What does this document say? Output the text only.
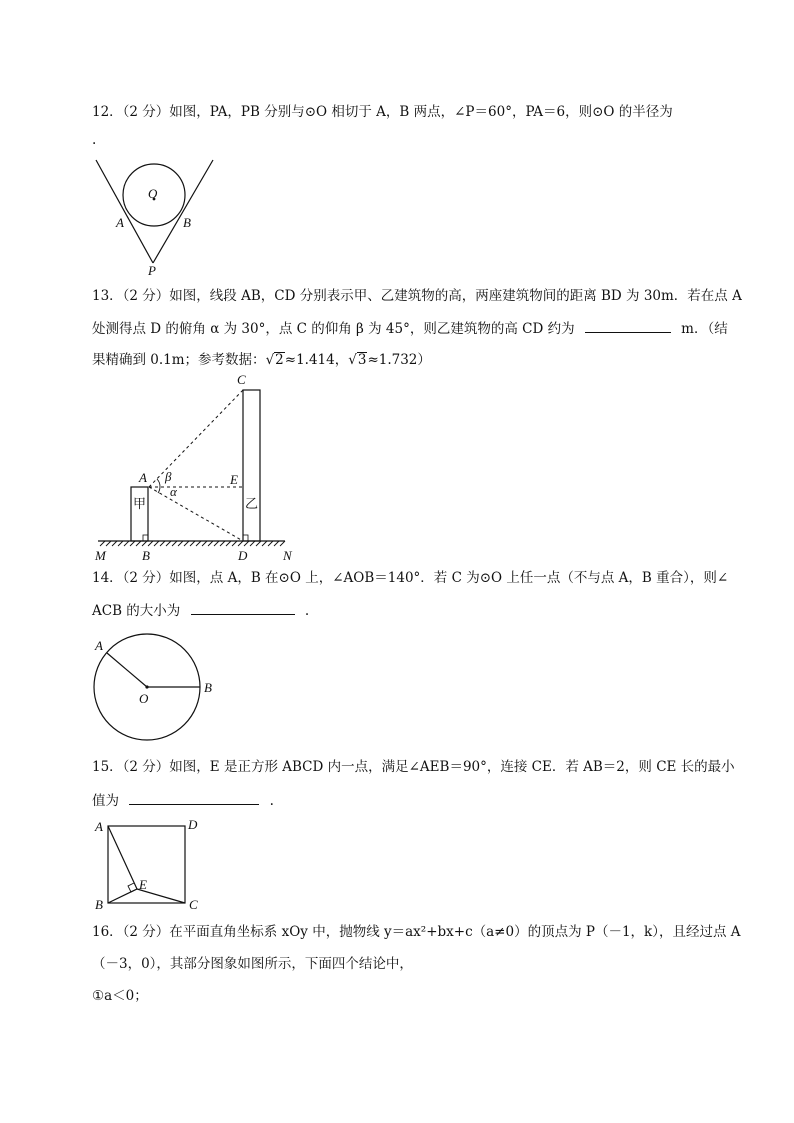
12．（2 分）如图，PA，PB 分别与⊙O 相切于 A，B 两点，∠P＝60°，PA＝6，则⊙O 的半径为
.
O
A	B
P
13．（2 分）如图，线段 AB，CD 分别表示甲、乙建筑物的高，两座建筑物间的距离 BD 为 30m．若在点 A
处测得点 D 的俯角 α 为 30°，点 C 的仰角 β 为 45°，则乙建筑物的高 CD 约为	m．（结
果精确到 0.1m；参考数据：√2≈1.414，√3≈1.732）
C
A β
α
E
甲	乙
M	B	D	N
14．（2 分）如图，点 A，B 在⊙O 上，∠AOB＝140°．若 C 为⊙O 上任一点（不与点 A，B 重合），则∠
ACB 的大小为	.
A
O
B
15．（2 分）如图，E 是正方形 ABCD 内一点，满足∠AEB＝90°，连接 CE．若 AB＝2，则 CE 长的最小
值为	.
A	D
E
B	C
16．（2 分）在平面直角坐标系 xOy 中，抛物线 y＝ax²+bx+c（a≠0）的顶点为 P（－1，k），且经过点 A
（－3，0），其部分图象如图所示，下面四个结论中，
①a＜0；
